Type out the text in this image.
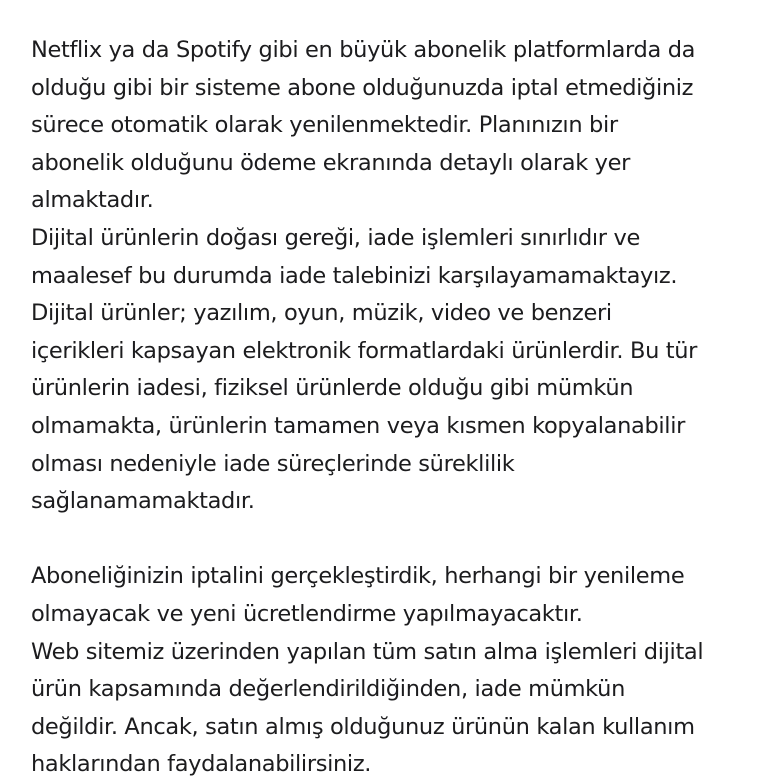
Netflix ya da Spotify gibi en büyük abonelik platformlarda da
olduğu gibi bir sisteme abone olduğunuzda iptal etmediğiniz
sürece otomatik olarak yenilenmektedir. Planınızın bir
abonelik olduğunu ödeme ekranında detaylı olarak yer
almaktadır.
Dijital ürünlerin doğası gereği, iade işlemleri sınırlıdır ve
maalesef bu durumda iade talebinizi karşılayamamaktayız.
Dijital ürünler; yazılım, oyun, müzik, video ve benzeri
içerikleri kapsayan elektronik formatlardaki ürünlerdir. Bu tür
ürünlerin iadesi, fiziksel ürünlerde olduğu gibi mümkün
olmamakta, ürünlerin tamamen veya kısmen kopyalanabilir
olması nedeniyle iade süreçlerinde süreklilik
sağlanamamaktadır.
Aboneliğinizin iptalini gerçekleştirdik, herhangi bir yenileme
olmayacak ve yeni ücretlendirme yapılmayacaktır.
Web sitemiz üzerinden yapılan tüm satın alma işlemleri dijital
ürün kapsamında değerlendirildiğinden, iade mümkün
değildir. Ancak, satın almış olduğunuz ürünün kalan kullanım
haklarından faydalanabilirsiniz.
